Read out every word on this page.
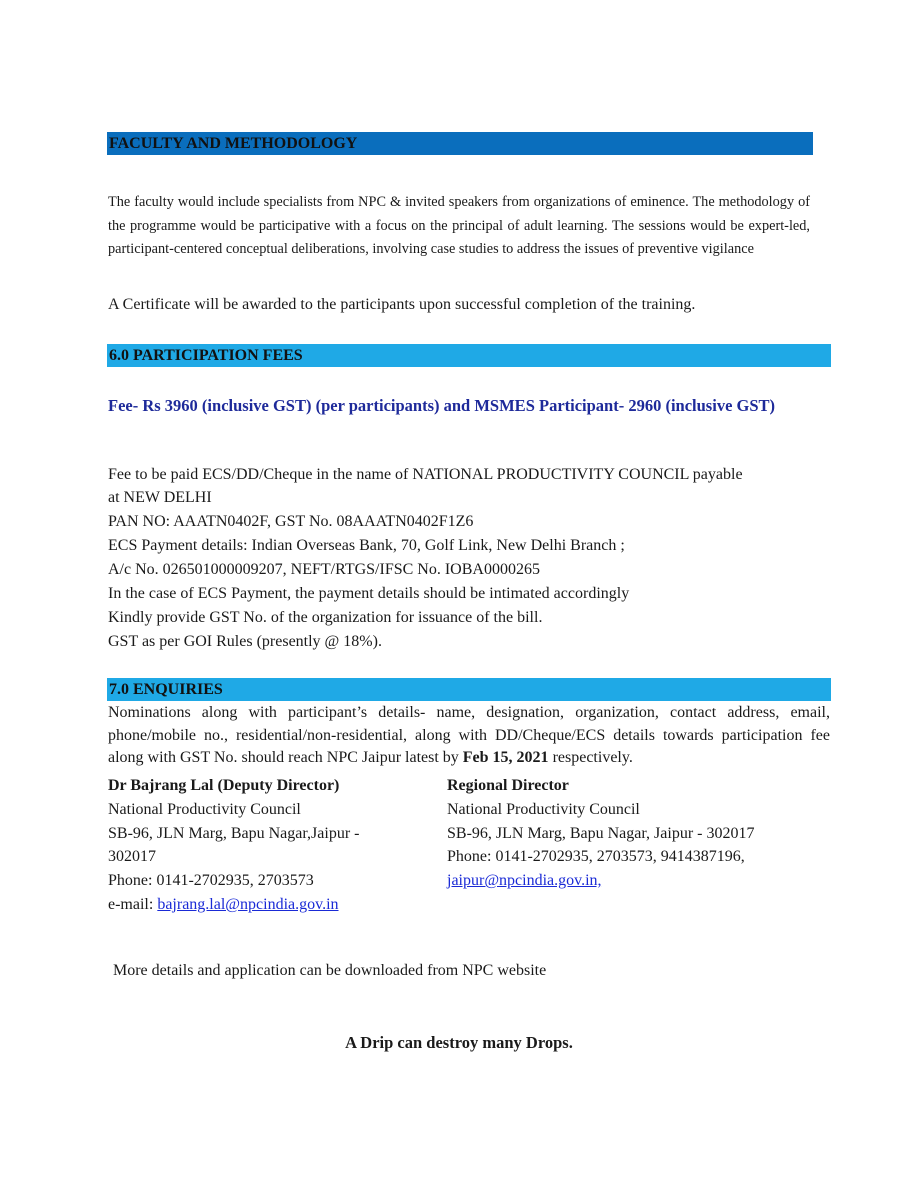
FACULTY AND METHODOLOGY
The faculty would include specialists from NPC & invited speakers from organizations of eminence. The methodology of the programme would be participative with a focus on the principal of adult learning. The sessions would be expert-led, participant-centered conceptual deliberations, involving case studies to address the issues of preventive vigilance
A Certificate will be awarded to the participants upon successful completion of the training.
6.0 PARTICIPATION FEES
Fee- Rs 3960 (inclusive GST) (per participants) and MSMES Participant- 2960 (inclusive GST)
Fee to be paid ECS/DD/Cheque in the name of NATIONAL PRODUCTIVITY COUNCIL payable
at NEW DELHI
PAN NO: AAATN0402F, GST No. 08AAATN0402F1Z6
ECS Payment details: Indian Overseas Bank, 70, Golf Link, New Delhi Branch ;
A/c No. 026501000009207, NEFT/RTGS/IFSC No. IOBA0000265
In the case of ECS Payment, the payment details should be intimated accordingly
Kindly provide GST No. of the organization for issuance of the bill.
GST as per GOI Rules (presently @ 18%).
7.0 ENQUIRIES
Nominations along with participant’s details- name, designation, organization, contact address, email, phone/mobile no., residential/non-residential, along with DD/Cheque/ECS details towards participation fee along with GST No. should reach NPC Jaipur latest by Feb 15, 2021 respectively.
Dr Bajrang Lal (Deputy Director)
National Productivity Council
SB-96, JLN Marg, Bapu Nagar,Jaipur -
302017
Phone: 0141-2702935, 2703573
e-mail: bajrang.lal@npcindia.gov.in
Regional Director
National Productivity Council
SB-96, JLN Marg, Bapu Nagar, Jaipur - 302017
Phone: 0141-2702935, 2703573, 9414387196,
jaipur@npcindia.gov.in,
More details and application can be downloaded from NPC website
A Drip can destroy many Drops.
